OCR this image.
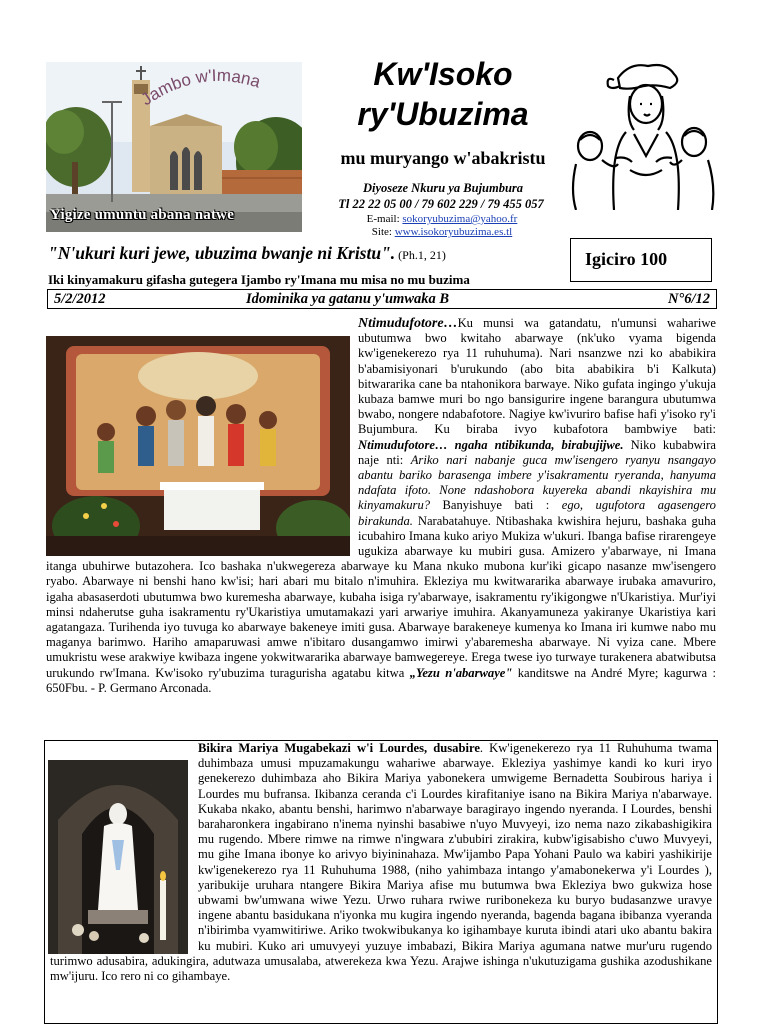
Jambo w'Imana
Yigize umuntu abana natwe
Kw'Isoko
ry'Ubuzima
mu muryango w'abakristu
Diyoseze Nkuru ya Bujumbura
Tl 22 22 05 00 / 79 602 229 / 79 455 057
E-mail: sokoryubuzima@yahoo.fr
Site: www.isokoryubuzima.es.tl
"N'ukuri kuri jewe, ubuzima bwanje ni Kristu". (Ph.1, 21)	Igiciro 100
Iki kinyamakuru gifasha gutegera Ijambo ry'Imana mu misa no mu buzima
5/2/2012	Idominika ya gatanu y'umwaka B	N°6/12
Ntimudufotore…Ku munsi wa gatandatu, n'umunsi wahariwe ubutumwa bwo kwitaho abarwaye (nk'uko vyama bigenda kw'igenekerezo rya 11 ruhuhuma). Nari nsanzwe nzi ko ababikira b'abamisiyonari b'urukundo (abo bita ababikira b'i Kalkuta) bitwararika cane ba ntahonikora barwaye. Niko gufata ingingo y'ukuja kubaza bamwe muri bo ngo bansigurire ingene barangura ubutumwa bwabo, nongere ndabafotore. Nagiye kw'ivuriro bafise hafi y'isoko ry'i Bujumbura. Ku biraba ivyo kubafotora bambwiye bati: Ntimudufotore… ngaha ntibikunda, birabujijwe. Niko kubabwira naje nti: Ariko nari nabanje guca mw'isengero ryanyu nsangayo abantu bariko barasenga imbere y'isakramentu ryeranda, hanyuma ndafata ifoto. None ndashobora kuyereka abandi nkayishira mu kinyamakuru? Banyishuye bati : ego, ugufotora agasengero birakunda. Narabatahuye. Ntibashaka kwishira hejuru, bashaka guha icubahiro Imana kuko ariyo Mukiza w'ukuri. Ibanga bafise rirarengeye ugukiza abarwaye ku mubiri gusa. Amizero y'abarwaye, ni Imana itanga ubuhirwe butazohera. Ico bashaka n'ukwegereza abarwaye ku Mana nkuko mubona kur'iki gicapo nasanze mw'isengero ryabo. Abarwaye ni benshi hano kw'isi; hari abari mu bitalo n'imuhira. Ekleziya mu kwitwararika abarwaye irubaka amavuriro, igaha abasaserdoti ubutumwa bwo kuremesha abarwaye, kubaha isiga ry'abarwaye, isakramentu ry'ikigongwe n'Ukaristiya. Mur'iyi minsi ndaherutse guha isakramentu ry'Ukaristiya umutamakazi yari arwariye imuhira. Akanyamuneza yakiranye Ukaristiya kari agatangaza. Turihenda iyo tuvuga ko abarwaye bakeneye imiti gusa. Abarwaye barakeneye kumenya ko Imana iri kumwe nabo mu maganya barimwo. Hariho amaparuwasi amwe n'ibitaro dusangamwo imirwi y'abaremesha abarwaye. Ni vyiza cane. Mbere umukristu wese arakwiye kwibaza ingene yokwitwararika abarwaye bamwegereye. Erega twese iyo turwaye turakenera abatwibutsa urukundo rw'Imana. Kw'isoko ry'ubuzima turagurisha agatabu kitwa „Yezu n'abarwaye" kanditswe na André Myre; kagurwa : 650Fbu. - P. Germano Arconada.
Bikira Mariya Mugabekazi w'i Lourdes, dusabire. Kw'igenekerezo rya 11 Ruhuhuma twama duhimbaza umusi mpuzamakungu wahariwe abarwaye. Ekleziya yashimye kandi ko kuri iryo genekerezo duhimbaza aho Bikira Mariya yabonekera umwigeme Bernadetta Soubirous hariya i Lourdes mu bufransa. Ikibanza ceranda c'i Lourdes kirafitaniye isano na Bikira Mariya n'abarwaye. Kukaba nkako, abantu benshi, harimwo n'abarwaye baragirayo ingendo nyeranda. I Lourdes, benshi baraharonkera ingabirano n'inema nyinshi basabiwe n'uyo Muvyeyi, izo nema nazo zikabashigikira mu rugendo. Mbere rimwe na rimwe n'ingwara z'ububiri zirakira, kubw'igisabisho c'uwo Muvyeyi, mu gihe Imana ibonye ko arivyo biyininahaza. Mw'ijambo Papa Yohani Paulo wa kabiri yashikirije kw'igenekerezo rya 11 Ruhuhuma 1988, (niho yahimbaza intango y'amabonekerwa y'i Lourdes ), yaribukije uruhara ntangere Bikira Mariya afise mu butumwa bwa Ekleziya bwo gukwiza hose ubwami bw'umwana wiwe Yezu. Urwo ruhara rwiwe ruribonekeza ku buryo budasanzwe uravye ingene abantu basidukana n'iyonka mu kugira ingendo nyeranda, bagenda bagana ibibanza vyeranda n'ibirimba vyamwitiriwe. Ariko twokwibukanya ko igihambaye kuruta ibindi atari uko abantu bakira ku mubiri. Kuko ari umuvyeyi yuzuye imbabazi, Bikira Mariya agumana natwe mur'uru rugendo turimwo adusabira, adukingira, adutwaza umusalaba, atwerekeza kwa Yezu. Arajwe ishinga n'ukutuzigama gushika azodushikane mw'ijuru. Ico rero ni co gihambaye.
